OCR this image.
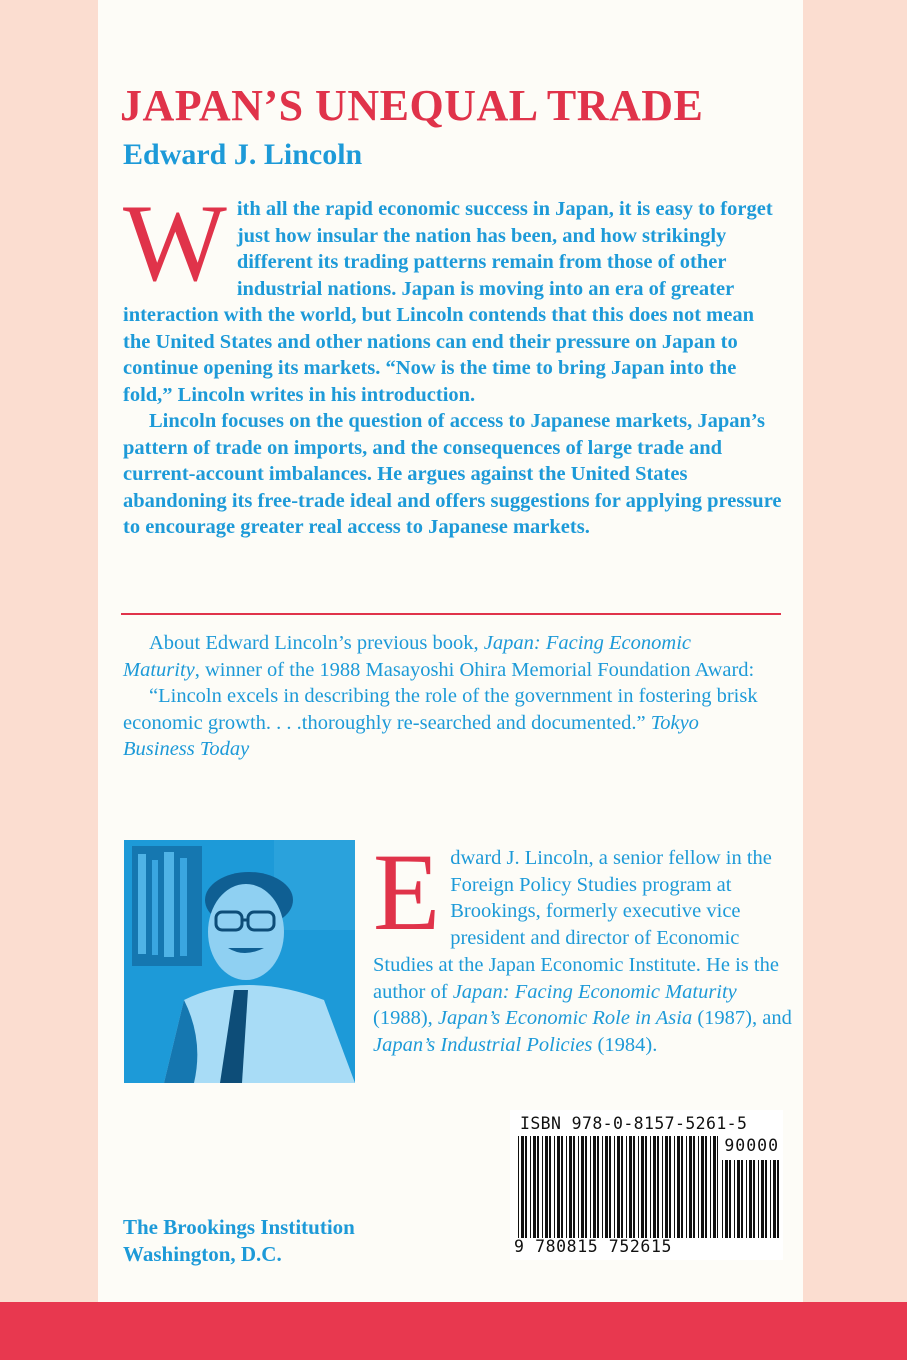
JAPAN’S UNEQUAL TRADE
Edward J. Lincoln

With all the rapid economic success in Japan, it is easy to forget just how insular the nation has been, and how strikingly different its trading patterns remain from those of other industrial nations. Japan is moving into an era of greater interaction with the world, but Lincoln contends that this does not mean the United States and other nations can end their pressure on Japan to continue opening its markets. “Now is the time to bring Japan into the fold,” Lincoln writes in his introduction.

Lincoln focuses on the question of access to Japanese markets, Japan’s pattern of trade on imports, and the consequences of large trade and current-account imbalances. He argues against the United States abandoning its free-trade ideal and offers suggestions for applying pressure to encourage greater real access to Japanese markets.

About Edward Lincoln’s previous book, Japan: Facing Economic Maturity, winner of the 1988 Masayoshi Ohira Memorial Foundation Award:

“Lincoln excels in describing the role of the government in fostering brisk economic growth. . . .thoroughly re-searched and documented.” Tokyo Business Today

Edward J. Lincoln, a senior fellow in the Foreign Policy Studies program at Brookings, formerly executive vice president and director of Economic Studies at the Japan Economic Institute. He is the author of Japan: Facing Economic Maturity (1988), Japan’s Economic Role in Asia (1987), and Japan’s Industrial Policies (1984).

ISBN 978-0-8157-5261-5

90000

9 780815 752615

The Brookings Institution
Washington, D.C.
